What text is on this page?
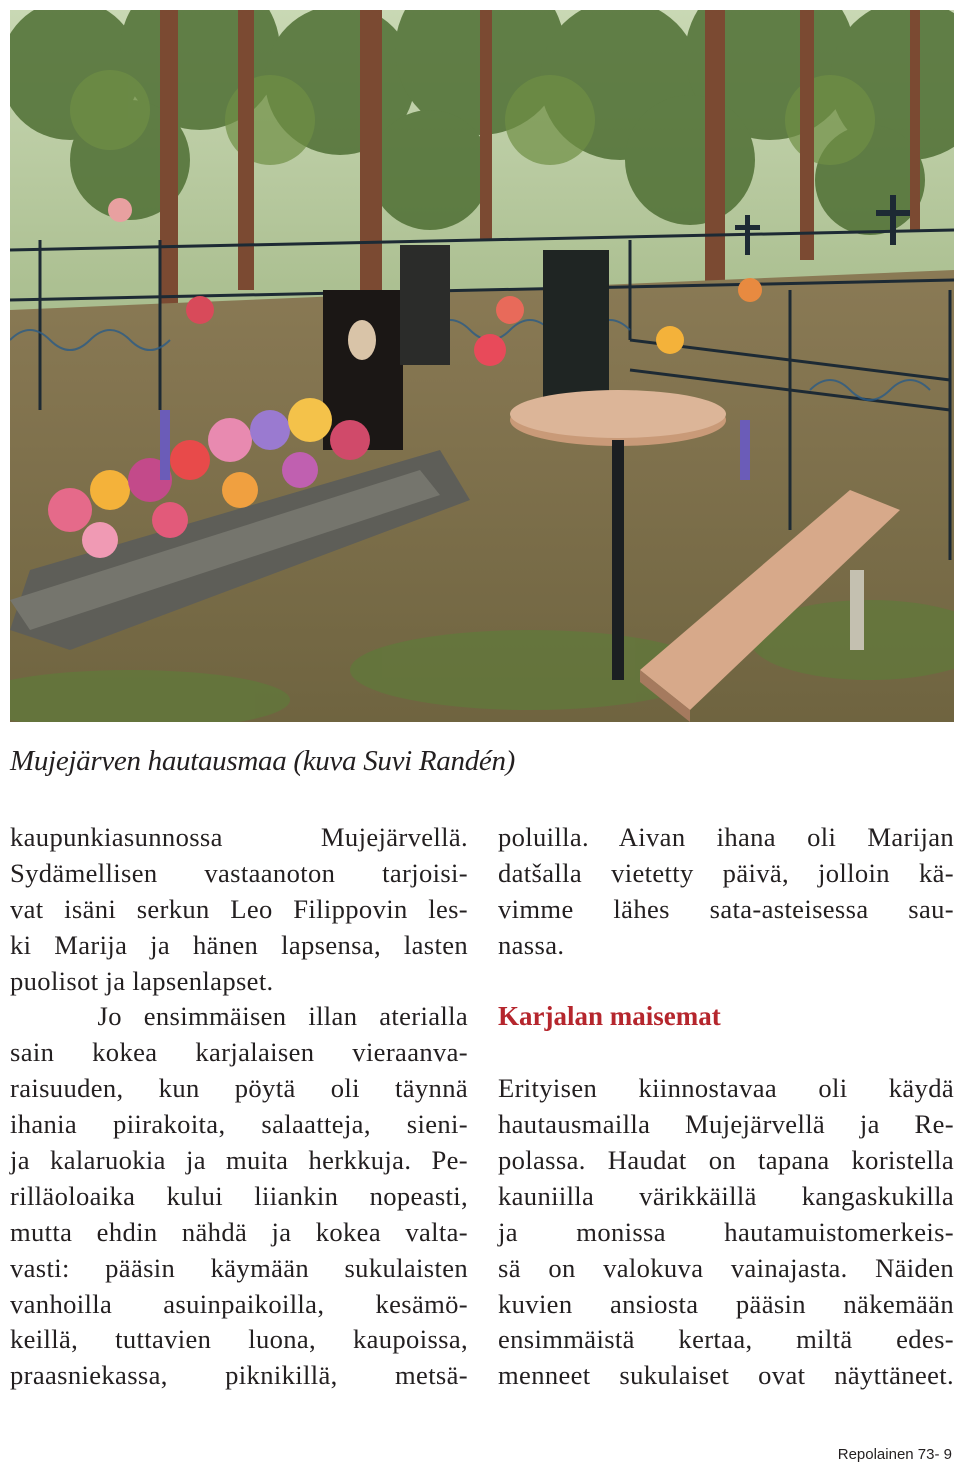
Mujejärven hautausmaa (kuva Suvi Randén)
kaupunkiasunnossa Mujejärvellä.
Sydämellisen vastaanoton tarjoisi-
vat isäni serkun Leo Filippovin les-
ki Marija ja hänen lapsensa, lasten
puolisot ja lapsenlapset.
Jo ensimmäisen illan aterialla
sain kokea karjalaisen vieraanva-
raisuuden, kun pöytä oli täynnä
ihania piirakoita, salaatteja, sieni-
ja kalaruokia ja muita herkkuja. Pe-
rilläoloaika kului liiankin nopeasti,
mutta ehdin nähdä ja kokea valta-
vasti: pääsin käymään sukulaisten
vanhoilla asuinpaikoilla, kesämö-
keillä, tuttavien luona, kaupoissa,
praasniekassa, piknikillä, metsä-
poluilla. Aivan ihana oli Marijan
datšalla vietetty päivä, jolloin kä-
vimme lähes sata-asteisessa sau-
nassa.
Karjalan maisemat
Erityisen kiinnostavaa oli käydä
hautausmailla Mujejärvellä ja Re-
polassa. Haudat on tapana koristella
kauniilla värikkäillä kangaskukilla
ja monissa hautamuistomerkeis-
sä on valokuva vainajasta. Näiden
kuvien ansiosta pääsin näkemään
ensimmäistä kertaa, miltä edes-
menneet sukulaiset ovat näyttäneet.
Repolainen 73- 9
